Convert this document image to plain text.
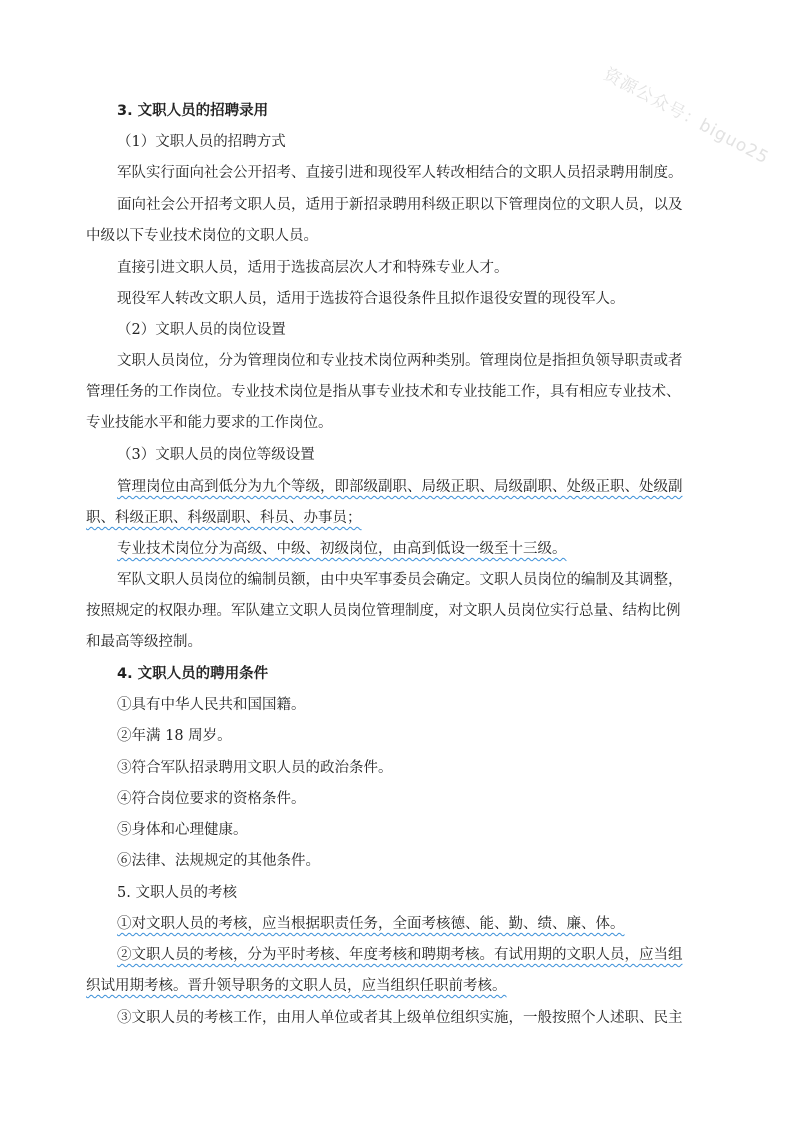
资源公众号：biguo25
3. 文职人员的招聘录用
（1）文职人员的招聘方式
军队实行面向社会公开招考、直接引进和现役军人转改相结合的文职人员招录聘用制度。
面向社会公开招考文职人员，适用于新招录聘用科级正职以下管理岗位的文职人员，以及
中级以下专业技术岗位的文职人员。
直接引进文职人员，适用于选拔高层次人才和特殊专业人才。
现役军人转改文职人员，适用于选拔符合退役条件且拟作退役安置的现役军人。
（2）文职人员的岗位设置
文职人员岗位，分为管理岗位和专业技术岗位两种类别。管理岗位是指担负领导职责或者
管理任务的工作岗位。专业技术岗位是指从事专业技术和专业技能工作，具有相应专业技术、
专业技能水平和能力要求的工作岗位。
（3）文职人员的岗位等级设置
管理岗位由高到低分为九个等级，即部级副职、局级正职、局级副职、处级正职、处级副
职、科级正职、科级副职、科员、办事员；
专业技术岗位分为高级、中级、初级岗位，由高到低设一级至十三级。
军队文职人员岗位的编制员额，由中央军事委员会确定。文职人员岗位的编制及其调整，
按照规定的权限办理。军队建立文职人员岗位管理制度，对文职人员岗位实行总量、结构比例
和最高等级控制。
4. 文职人员的聘用条件
①具有中华人民共和国国籍。
②年满 18 周岁。
③符合军队招录聘用文职人员的政治条件。
④符合岗位要求的资格条件。
⑤身体和心理健康。
⑥法律、法规规定的其他条件。
5. 文职人员的考核
①对文职人员的考核，应当根据职责任务，全面考核德、能、勤、绩、廉、体。
②文职人员的考核，分为平时考核、年度考核和聘期考核。有试用期的文职人员，应当组
织试用期考核。晋升领导职务的文职人员，应当组织任职前考核。
③文职人员的考核工作，由用人单位或者其上级单位组织实施，一般按照个人述职、民主
